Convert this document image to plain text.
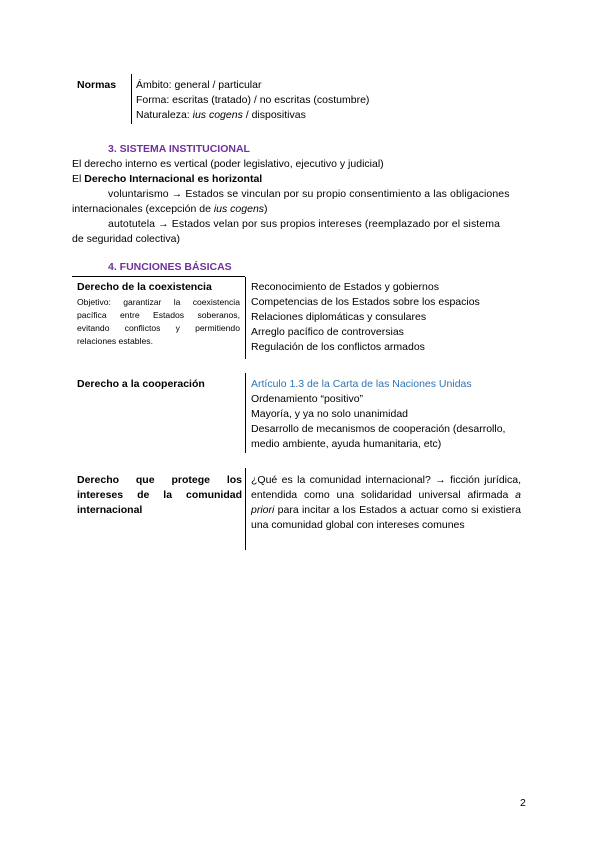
Normas Ámbito: general / particular
Forma: escritas (tratado) / no escritas (costumbre)
Naturaleza: ius cogens / dispositivas
3. SISTEMA INSTITUCIONAL
El derecho interno es vertical (poder legislativo, ejecutivo y judicial)
El Derecho Internacional es horizontal
voluntarismo → Estados se vinculan por su propio consentimiento a las obligaciones
internacionales (excepción de ius cogens)
autotutela → Estados velan por sus propios intereses (reemplazado por el sistema
de seguridad colectiva)
4. FUNCIONES BÁSICAS
Derecho de la coexistencia
Objetivo: garantizar la coexistencia pacífica entre Estados soberanos, evitando conflictos y permitiendo relaciones estables.
Reconocimiento de Estados y gobiernos
Competencias de los Estados sobre los espacios
Relaciones diplomáticas y consulares
Arreglo pacífico de controversias
Regulación de los conflictos armados
Derecho a la cooperación	Artículo 1.3 de la Carta de las Naciones Unidas
Ordenamiento “positivo”
Mayoría, y ya no solo unanimidad
Desarrollo de mecanismos de cooperación (desarrollo, medio ambiente, ayuda humanitaria, etc)
Derecho que protege los intereses de la comunidad internacional
¿Qué es la comunidad internacional? → ficción jurídica, entendida como una solidaridad universal afirmada a priori para incitar a los Estados a actuar como si existiera una comunidad global con intereses comunes
2
